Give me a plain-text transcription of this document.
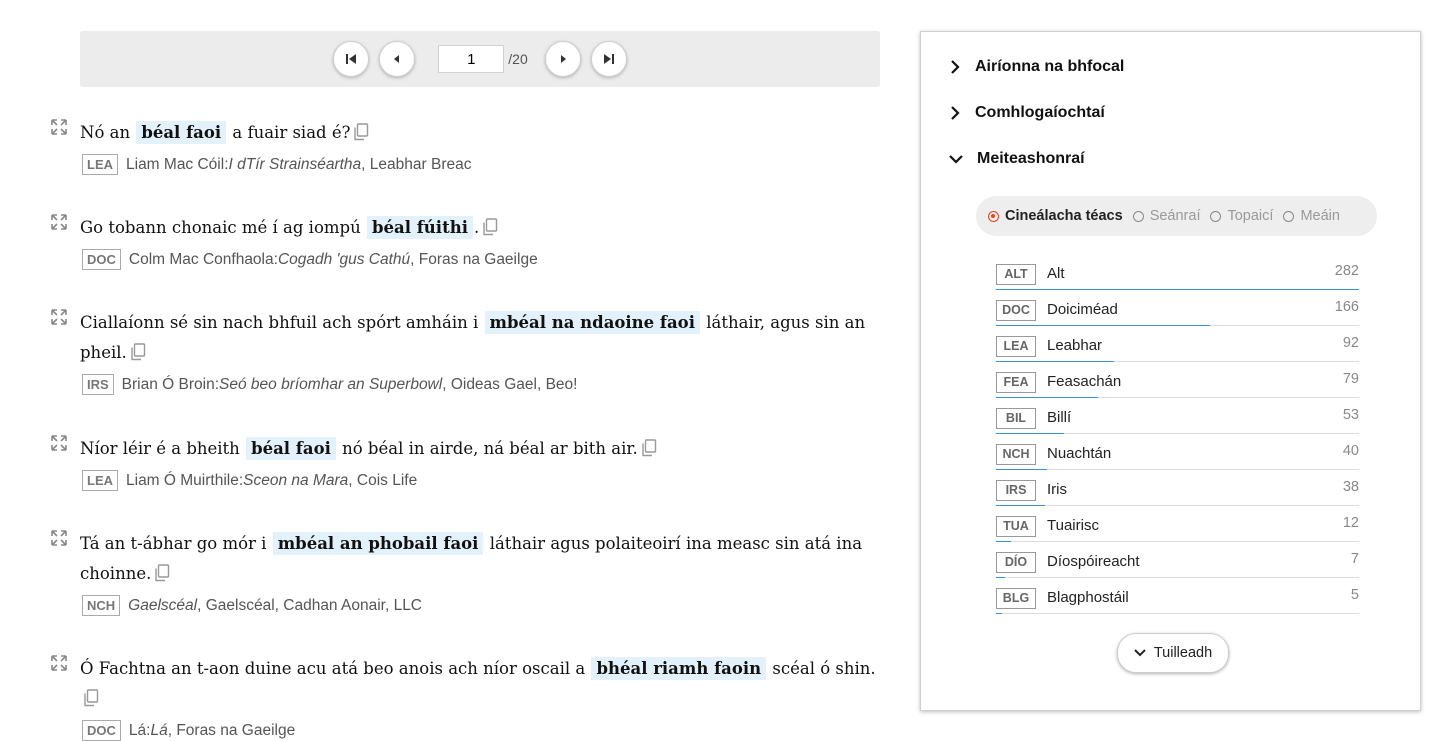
1
/20
Nó an béal faoi a fuair siad é?
LEA Liam Mac Cóil: I dTír Strainséartha , Leabhar Breac
Go tobann chonaic mé í ag iompú béal fúithi .
DOC Colm Mac Confhaola: Cogadh 'gus Cathú , Foras na Gaeilge
Ciallaíonn sé sin nach bhfuil ach spórt amháin i mbéal na ndaoine faoi láthair, agus sin an pheil.
IRS Brian Ó Broin: Seó beo bríomhar an Superbowl , Oideas Gael, Beo!
Níor léir é a bheith béal faoi nó béal in airde, ná béal ar bith air.
LEA Liam Ó Muirthile: Sceon na Mara , Cois Life
Tá an t-ábhar go mór i mbéal an phobail faoi láthair agus polaiteoirí ina measc sin atá ina choinne.
NCH Gaelscéal , Gaelscéal, Cadhan Aonair, LLC
Ó Fachtna an t-aon duine acu atá beo anois ach níor oscail a bhéal riamh faoin scéal ó shin.
DOC Lá: Lá , Foras na Gaeilge
Airíonna na bhfocal
Comhlogaíochtaí
Meiteashonraí
Cineálacha téacs Seánraí Topaicí Meáin
ALT	Alt	282
DOC	Doiciméad	166
LEA	Leabhar	92
FEA	Feasachán	79
BIL	Billí	53
NCH	Nuachtán	40
IRS	Iris	38
TUA	Tuairisc	12
DÍO	Díospóireacht	7
BLG	Blagphostáil	5
Tuilleadh
